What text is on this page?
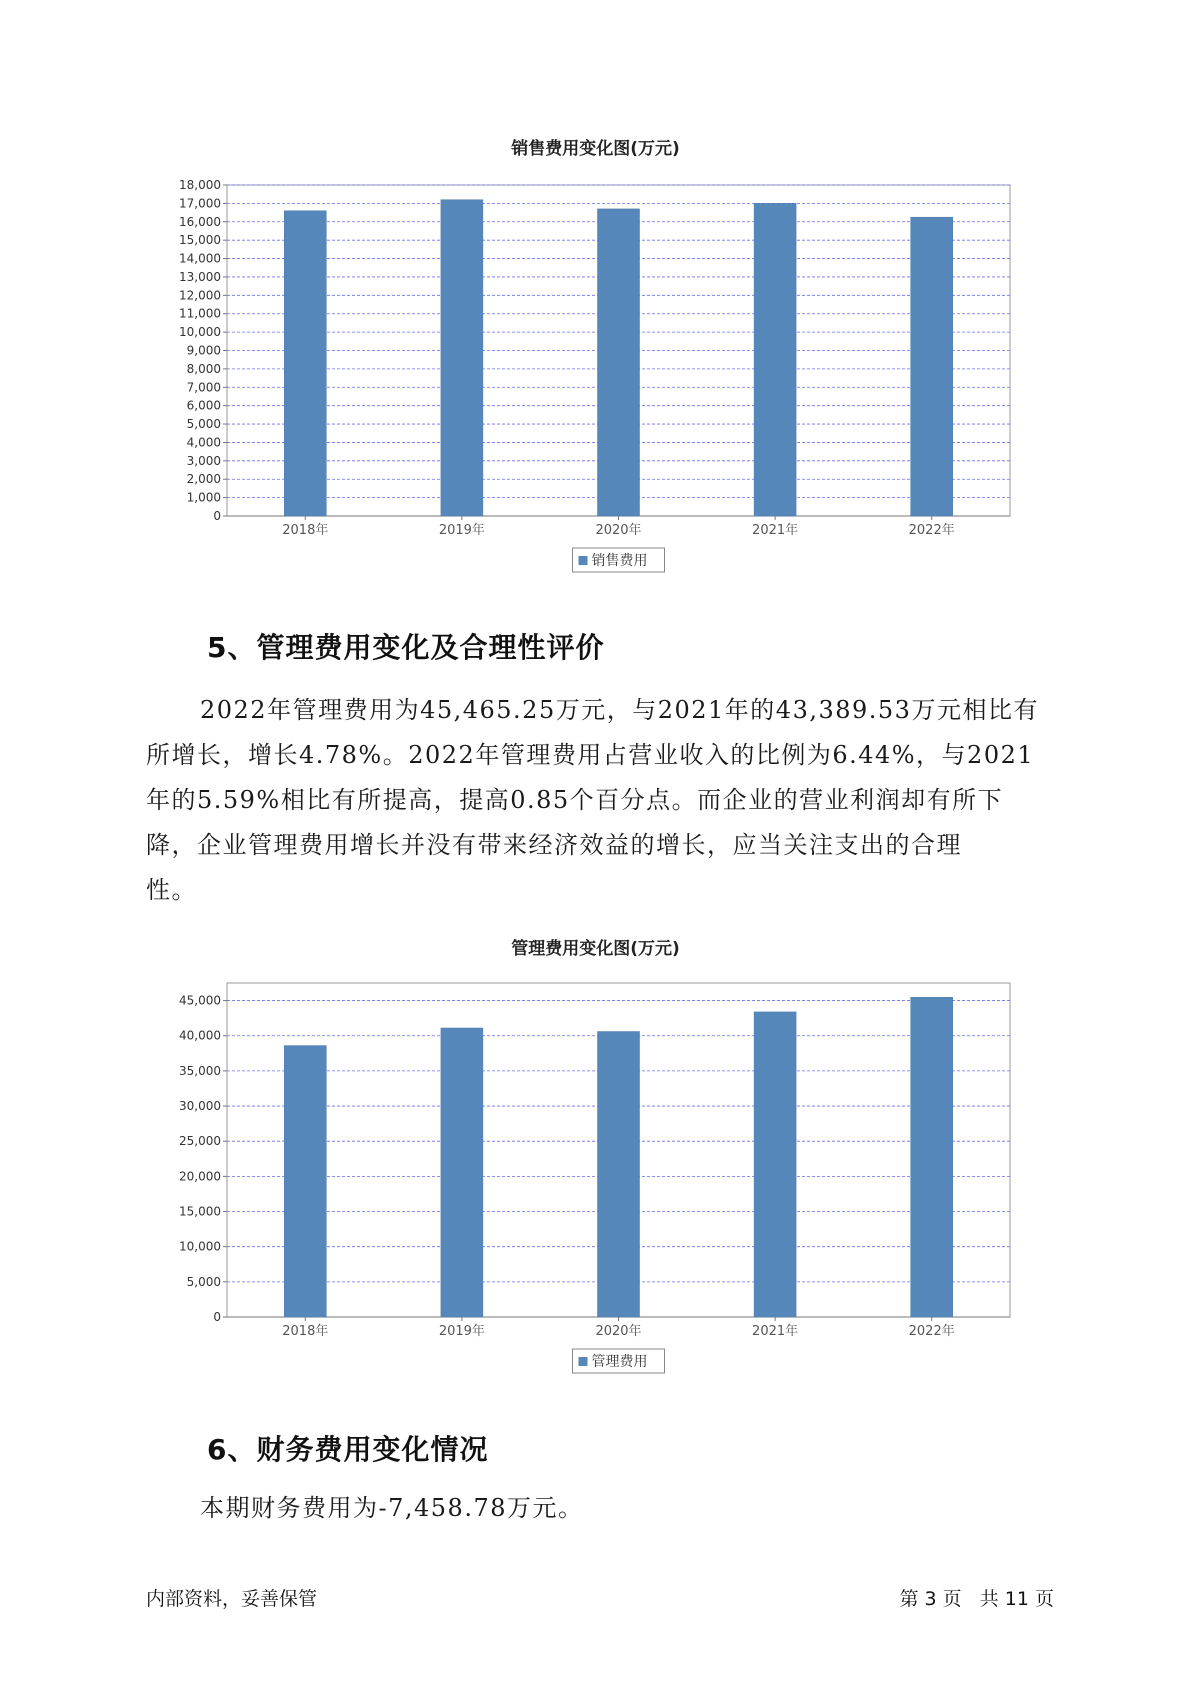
销售费用变化图(万元)
0
1,000
2,000
3,000
4,000
5,000
6,000
7,000
8,000
9,000
10,000
11,000
12,000
13,000
14,000
15,000
16,000
17,000
18,000
2018年	2019年	2020年	2021年	2022年
销售费用
5、管理费用变化及合理性评价
2022年管理费用为45,465.25万元，与2021年的43,389.53万元相比有
所增长，增长4.78%。2022年管理费用占营业收入的比例为6.44%，与2021
年的5.59%相比有所提高，提高0.85个百分点。而企业的营业利润却有所下
降，企业管理费用增长并没有带来经济效益的增长，应当关注支出的合理
性。
管理费用变化图(万元)
0
5,000
10,000
15,000
20,000
25,000
30,000
35,000
40,000
45,000
2018年	2019年	2020年	2021年	2022年
管理费用
6、财务费用变化情况
本期财务费用为-7,458.78万元。
内部资料，妥善保管	第 3 页   共 11 页
